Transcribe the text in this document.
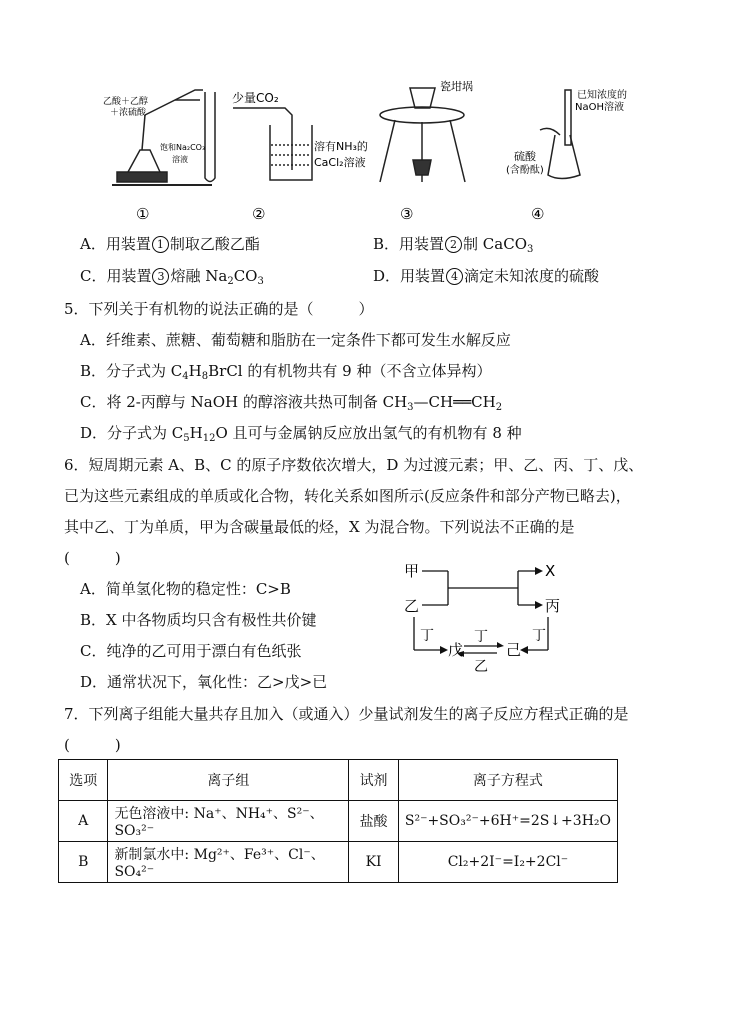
乙酸＋乙醇
＋浓硫酸
饱和Na₂CO₃
溶液
少量CO₂
溶有NH₃的
CaCl₂溶液
瓷坩埚
已知浓度的
NaOH溶液
硫酸
(含酚酞)
①	②	③	④
A．用装置 1 制取乙酸乙酯	B．用装置 2 制 CaCO$_3$
C．用装置 3 熔融 $Na_2CO_3$	D．用装置 4 滴定未知浓度的硫酸
5．下列关于有机物的说法正确的是（　　　）
A．纤维素、蔗糖、葡萄糖和脂肪在一定条件下都可发生水解反应
B．分子式为 $C_4H_8BrCl$ 的有机物共有 9 种（不含立体异构）
C．将 2-丙醇与 NaOH 的醇溶液共热可制备 $CH_3—CH══CH_2$
D．分子式为 $C_5H_{12}O$ 且可与金属钠反应放出氢气的有机物有 8 种
6．短周期元素 A、B、C 的原子序数依次增大，D 为过渡元素；甲、乙、丙、丁、戊、
已为这些元素组成的单质或化合物，转化关系如图所示(反应条件和部分产物已略去)，
其中乙、丁为单质，甲为含碳量最低的烃，X 为混合物。下列说法不正确的是
(　　　)
A．简单氢化物的稳定性：C>B
B．X 中各物质均只含有极性共价键
C．纯净的乙可用于漂白有色纸张
D．通常状况下，氧化性：乙>戊>已
甲
乙
X
丙
丁
戊
丁
乙
己
丁
7．下列离子组能大量共存且加入（或通入）少量试剂发生的离子反应方程式正确的是
(　　　)
选项	离子组	试剂	离子方程式
A	无色溶液中: Na⁺、NH₄⁺、S²⁻、SO₃²⁻	盐酸	S²⁻+SO₃²⁻+6H⁺=2S↓+3H₂O
B	新制氯水中: Mg²⁺、Fe³⁺、Cl⁻、SO₄²⁻	KI	Cl₂+2I⁻=I₂+2Cl⁻
